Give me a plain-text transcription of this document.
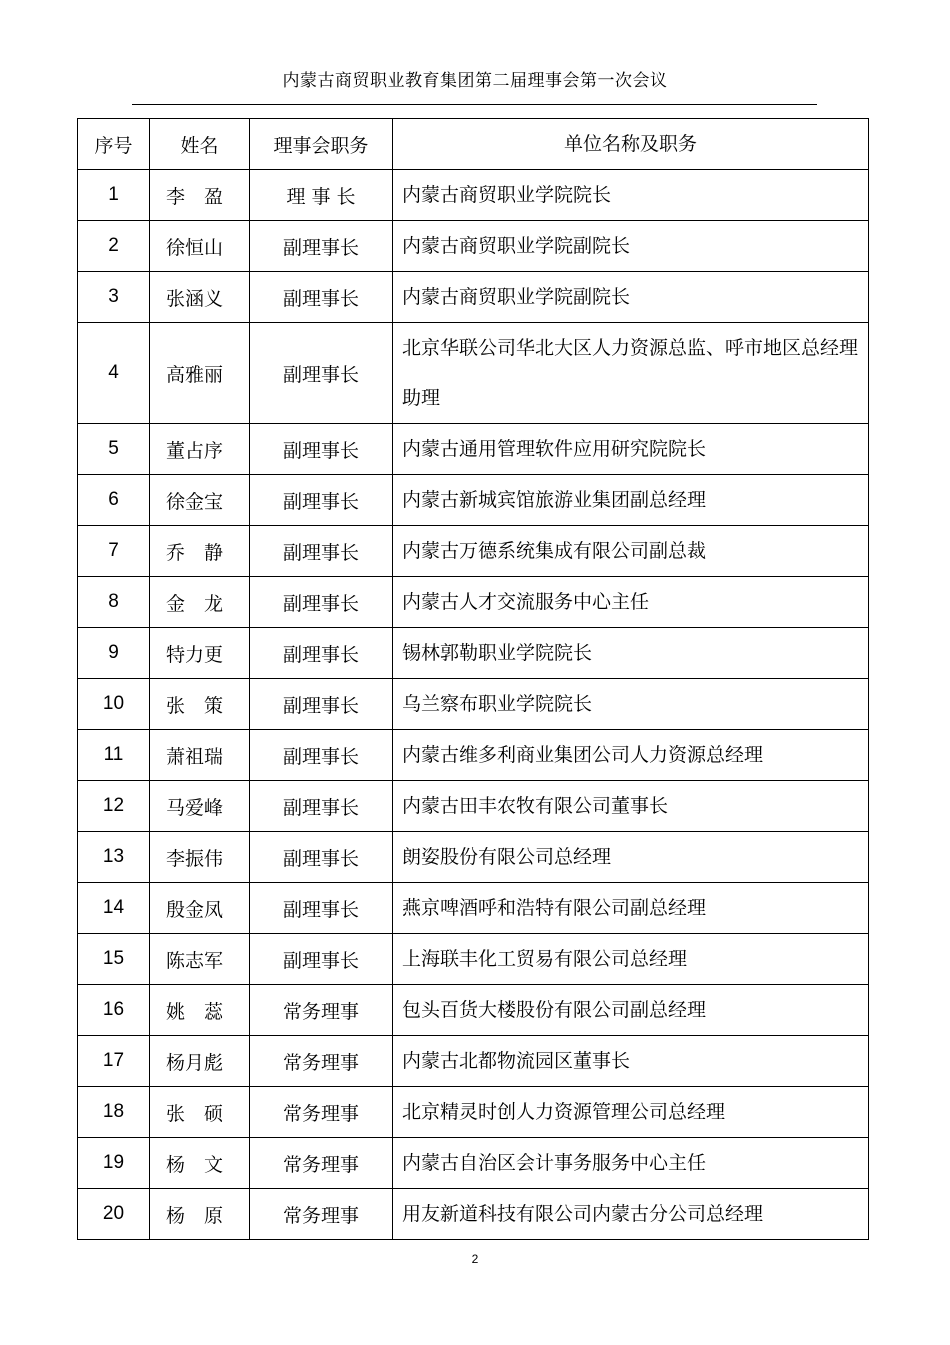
内蒙古商贸职业教育集团第二届理事会第一次会议
序号	姓名	理事会职务	单位名称及职务
1	李　盈	理 事 长	内蒙古商贸职业学院院长
2	徐恒山	副理事长	内蒙古商贸职业学院副院长
3	张涵义	副理事长	内蒙古商贸职业学院副院长
4	高雅丽	副理事长	北京华联公司华北大区人力资源总监、呼市地区总经理助理
5	董占序	副理事长	内蒙古通用管理软件应用研究院院长
6	徐金宝	副理事长	内蒙古新城宾馆旅游业集团副总经理
7	乔　静	副理事长	内蒙古万德系统集成有限公司副总裁
8	金　龙	副理事长	内蒙古人才交流服务中心主任
9	特力更	副理事长	锡林郭勒职业学院院长
10	张　策	副理事长	乌兰察布职业学院院长
11	萧祖瑞	副理事长	内蒙古维多利商业集团公司人力资源总经理
12	马爱峰	副理事长	内蒙古田丰农牧有限公司董事长
13	李振伟	副理事长	朗姿股份有限公司总经理
14	殷金凤	副理事长	燕京啤酒呼和浩特有限公司副总经理
15	陈志军	副理事长	上海联丰化工贸易有限公司总经理
16	姚　蕊	常务理事	包头百货大楼股份有限公司副总经理
17	杨月彪	常务理事	内蒙古北都物流园区董事长
18	张　硕	常务理事	北京精灵时创人力资源管理公司总经理
19	杨　文	常务理事	内蒙古自治区会计事务服务中心主任
20	杨　原	常务理事	用友新道科技有限公司内蒙古分公司总经理
2
